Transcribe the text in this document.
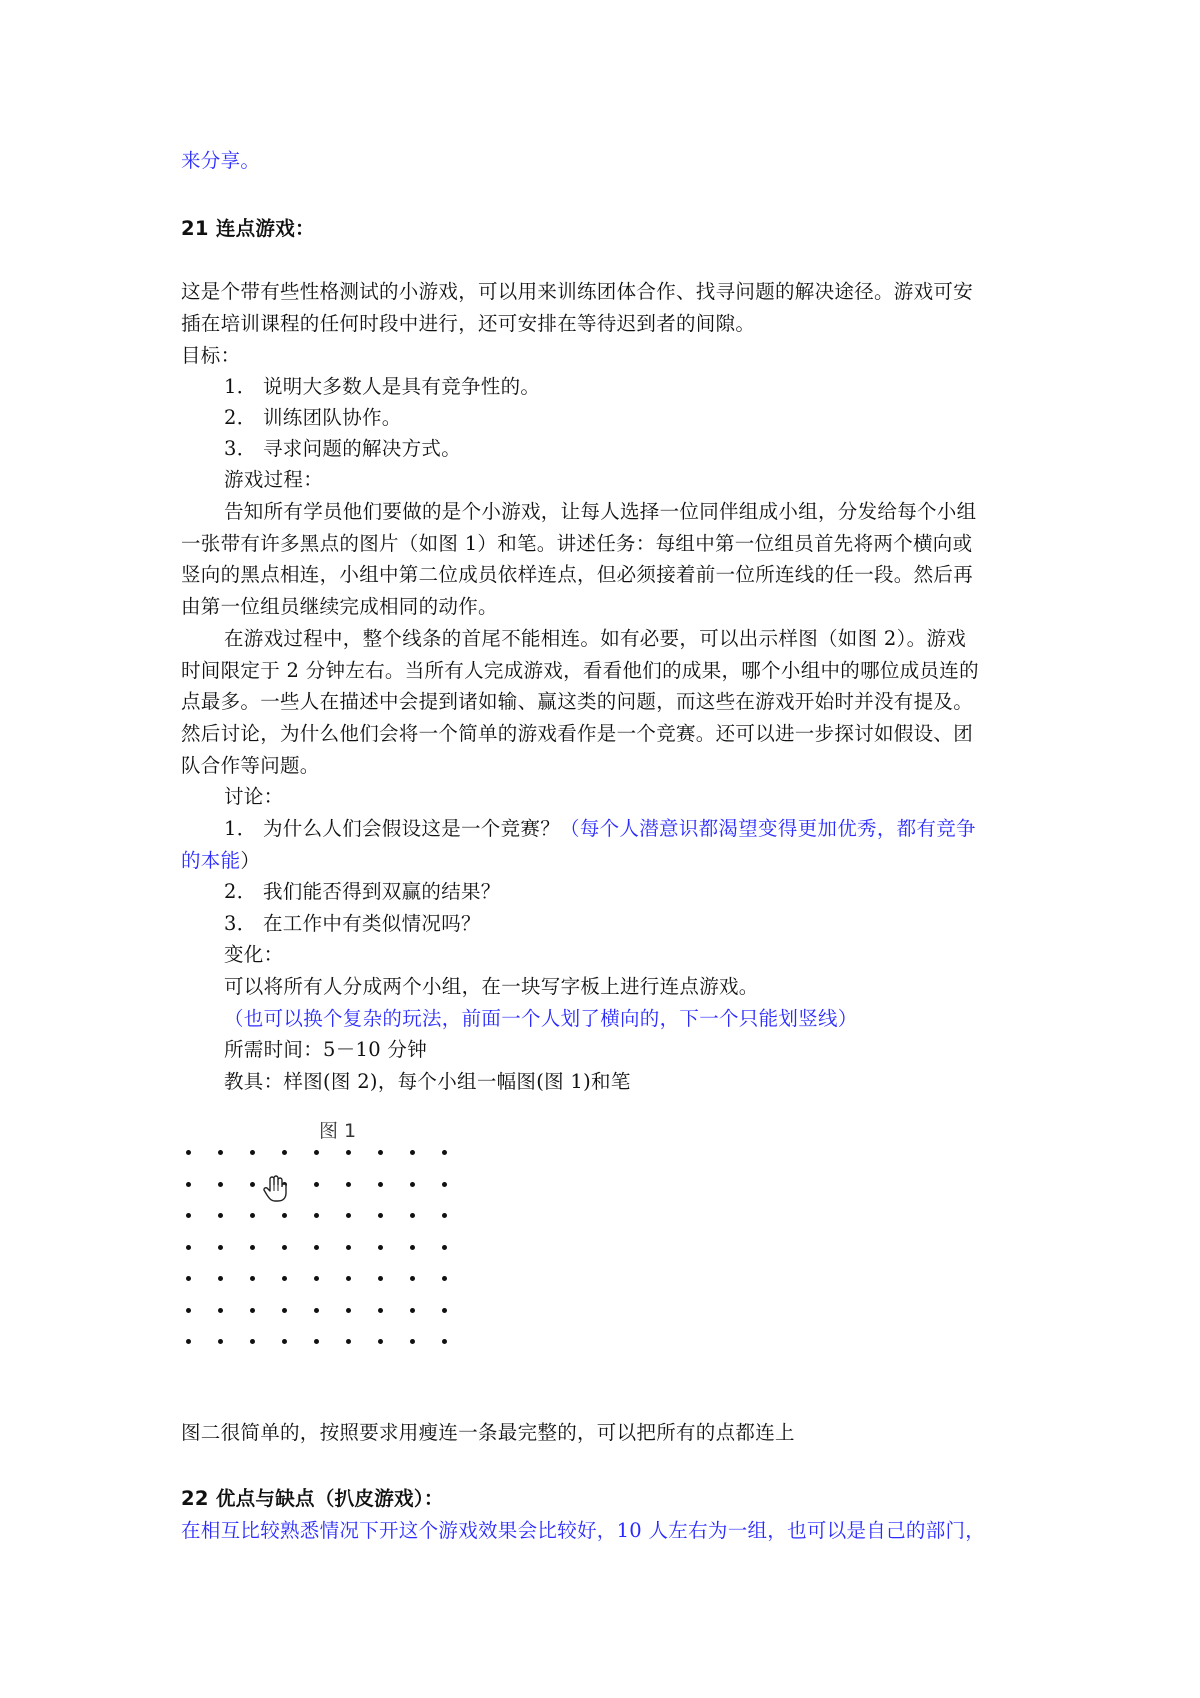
来分享。
21 连点游戏：
这是个带有些性格测试的小游戏，可以用来训练团体合作、找寻问题的解决途径。游戏可安
插在培训课程的任何时段中进行，还可安排在等待迟到者的间隙。
目标：
1． 说明大多数人是具有竞争性的。
2． 训练团队协作。
3． 寻求问题的解决方式。
游戏过程：
告知所有学员他们要做的是个小游戏，让每人选择一位同伴组成小组，分发给每个小组
一张带有许多黑点的图片（如图 1）和笔。讲述任务：每组中第一位组员首先将两个横向或
竖向的黑点相连，小组中第二位成员依样连点，但必须接着前一位所连线的任一段。然后再
由第一位组员继续完成相同的动作。
在游戏过程中，整个线条的首尾不能相连。如有必要，可以出示样图（如图 2）。游戏
时间限定于 2 分钟左右。当所有人完成游戏，看看他们的成果，哪个小组中的哪位成员连的
点最多。一些人在描述中会提到诸如输、赢这类的问题，而这些在游戏开始时并没有提及。
然后讨论，为什么他们会将一个简单的游戏看作是一个竞赛。还可以进一步探讨如假设、团
队合作等问题。
讨论：
1． 为什么人们会假设这是一个竞赛？（每个人潜意识都渴望变得更加优秀，都有竞争
的本能）
2． 我们能否得到双赢的结果？
3． 在工作中有类似情况吗？
变化：
可以将所有人分成两个小组，在一块写字板上进行连点游戏。
（也可以换个复杂的玩法，前面一个人划了横向的，下一个只能划竖线）
所需时间：5－10 分钟
教具：样图(图 2)，每个小组一幅图(图 1)和笔
图 1
图二很简单的，按照要求用瘦连一条最完整的，可以把所有的点都连上
22 优点与缺点（扒皮游戏）：
在相互比较熟悉情况下开这个游戏效果会比较好，10 人左右为一组，也可以是自己的部门，
